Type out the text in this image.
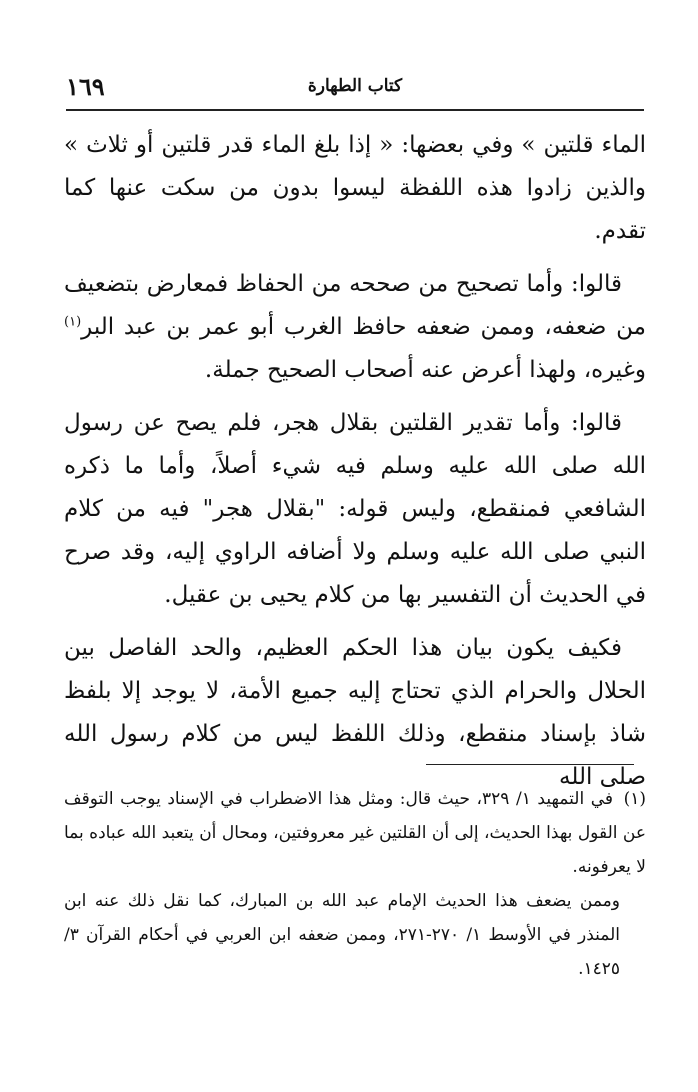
كتاب الطهارة
١٦٩

الماء قلتين » وفي بعضها: « إذا بلغ الماء قدر قلتين أو ثلاث » والذين زادوا هذه اللفظة ليسوا بدون من سكت عنها كما تقدم.

قالوا: وأما تصحيح من صححه من الحفاظ فمعارض بتضعيف من ضعفه، وممن ضعفه حافظ الغرب أبو عمر بن عبد البر$^{(١)}$ وغيره، ولهذا أعرض عنه أصحاب الصحيح جملة.

قالوا: وأما تقدير القلتين بقلال هجر، فلم يصح عن رسول الله صلى الله عليه وسلم فيه شيء أصلاً، وأما ما ذكره الشافعي فمنقطع، وليس قوله: "بقلال هجر" فيه من كلام النبي صلى الله عليه وسلم ولا أضافه الراوي إليه، وقد صرح في الحديث أن التفسير بها من كلام يحيى بن عقيل.

فكيف يكون بيان هذا الحكم العظيم، والحد الفاصل بين الحلال والحرام الذي تحتاج إليه جميع الأمة، لا يوجد إلا بلفظ شاذ بإسناد منقطع، وذلك اللفظ ليس من كلام رسول الله صلى الله

(١) في التمهيد ١/ ٣٢٩، حيث قال: ومثل هذا الاضطراب في الإسناد يوجب التوقف عن القول بهذا الحديث، إلى أن القلتين غير معروفتين، ومحال أن يتعبد الله عباده بما لا يعرفونه.

وممن يضعف هذا الحديث الإمام عبد الله بن المبارك، كما نقل ذلك عنه ابن المنذر في الأوسط ١/ ٢٧٠-٢٧١، وممن ضعفه ابن العربي في أحكام القرآن ٣/ ١٤٢٥.
